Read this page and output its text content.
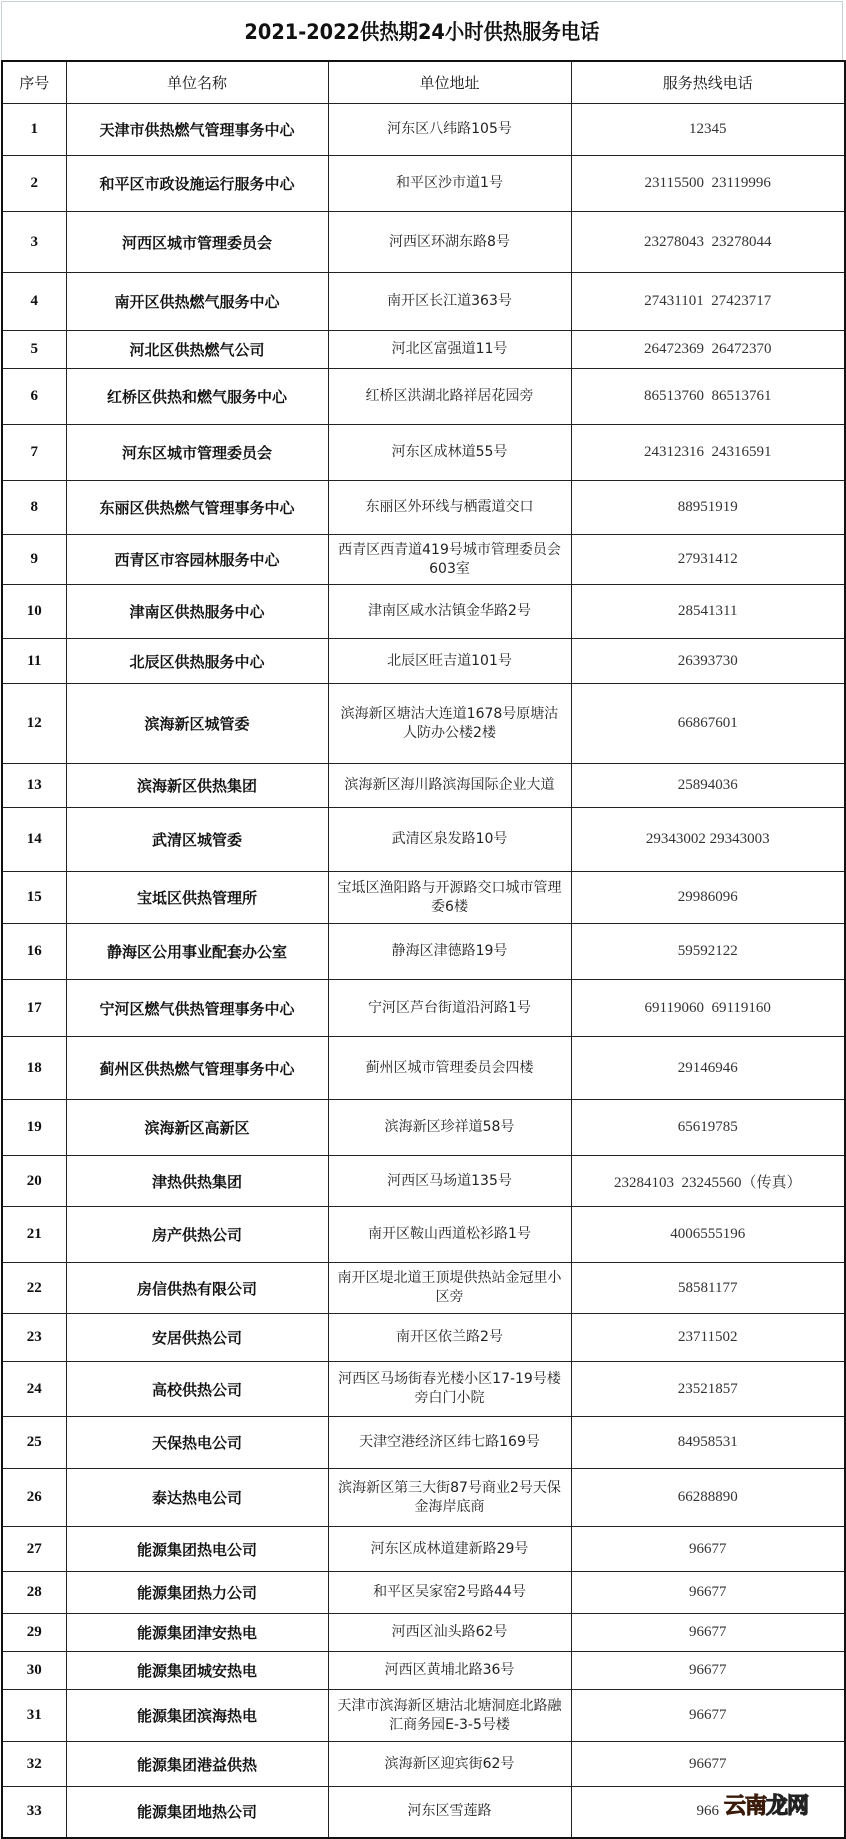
2021-2022供热期24小时供热服务电话
序号	单位名称	单位地址	服务热线电话
1	天津市供热燃气管理事务中心	河东区八纬路105号	12345
2	和平区市政设施运行服务中心	和平区沙市道1号	23115500  23119996
3	河西区城市管理委员会	河西区环湖东路8号	23278043  23278044
4	南开区供热燃气服务中心	南开区长江道363号	27431101  27423717
5	河北区供热燃气公司	河北区富强道11号	26472369  26472370
6	红桥区供热和燃气服务中心	红桥区洪湖北路祥居花园旁	86513760  86513761
7	河东区城市管理委员会	河东区成林道55号	24312316  24316591
8	东丽区供热燃气管理事务中心	东丽区外环线与栖霞道交口	88951919
9	西青区市容园林服务中心	西青区西青道419号城市管理委员会603室	27931412
10	津南区供热服务中心	津南区咸水沽镇金华路2号	28541311
11	北辰区供热服务中心	北辰区旺吉道101号	26393730
12	滨海新区城管委	滨海新区塘沽大连道1678号原塘沽人防办公楼2楼	66867601
13	滨海新区供热集团	滨海新区海川路滨海国际企业大道	25894036
14	武清区城管委	武清区泉发路10号	29343002 29343003
15	宝坻区供热管理所	宝坻区渔阳路与开源路交口城市管理委6楼	29986096
16	静海区公用事业配套办公室	静海区津德路19号	59592122
17	宁河区燃气供热管理事务中心	宁河区芦台街道沿河路1号	69119060  69119160
18	蓟州区供热燃气管理事务中心	蓟州区城市管理委员会四楼	29146946
19	滨海新区高新区	滨海新区珍祥道58号	65619785
20	津热供热集团	河西区马场道135号	23284103  23245560（传真）
21	房产供热公司	南开区鞍山西道松衫路1号	4006555196
22	房信供热有限公司	南开区堤北道王顶堤供热站金冠里小区旁	58581177
23	安居供热公司	南开区依兰路2号	23711502
24	高校供热公司	河西区马场街春光楼小区17-19号楼旁白门小院	23521857
25	天保热电公司	天津空港经济区纬七路169号	84958531
26	泰达热电公司	滨海新区第三大街87号商业2号天保金海岸底商	66288890
27	能源集团热电公司	河东区成林道建新路29号	96677
28	能源集团热力公司	和平区吴家窑2号路44号	96677
29	能源集团津安热电	河西区汕头路62号	96677
30	能源集团城安热电	河西区黄埔北路36号	96677
31	能源集团滨海热电	天津市滨海新区塘沽北塘洞庭北路融汇商务园E-3-5号楼	96677
32	能源集团港益供热	滨海新区迎宾街62号	96677
33	能源集团地热公司	河东区雪莲路	966 云南龙网
